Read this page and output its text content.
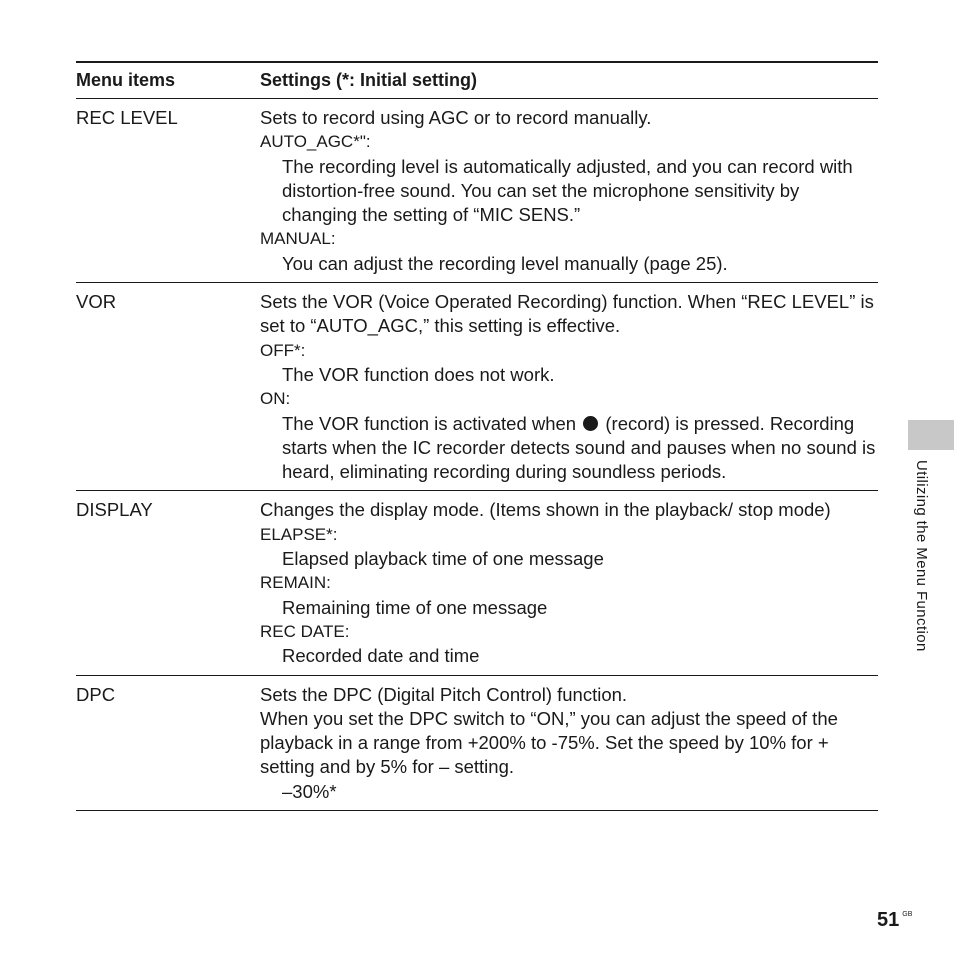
Menu items	Settings (*: Initial setting)
REC LEVEL	Sets to record using AGC or to record manually.

AUTO_AGC*":

The recording level is automatically adjusted, and you can record with distortion-free sound. You can set the microphone sensitivity by changing the setting of “MIC SENS.”

MANUAL:

You can adjust the recording level manually (page 25).

VOR	Sets the VOR (Voice Operated Recording) function. When “REC LEVEL” is set to “AUTO_AGC,” this setting is effective.

OFF*:

The VOR function does not work.

ON:

The VOR function is activated when (record) is pressed. Recording starts when the IC recorder detects sound and pauses when no sound is heard, eliminating recording during soundless periods.

DISPLAY	Changes the display mode. (Items shown in the playback/ stop mode)

ELAPSE*:

Elapsed playback time of one message

REMAIN:

Remaining time of one message

REC DATE:

Recorded date and time

DPC	Sets the DPC (Digital Pitch Control) function.

When you set the DPC switch to “ON,” you can adjust the speed of the playback in a range from +200% to -75%. Set the speed by 10% for + setting and by 5% for – setting.

–30%*

Utilizing the Menu Function
51 $^{GB}$
